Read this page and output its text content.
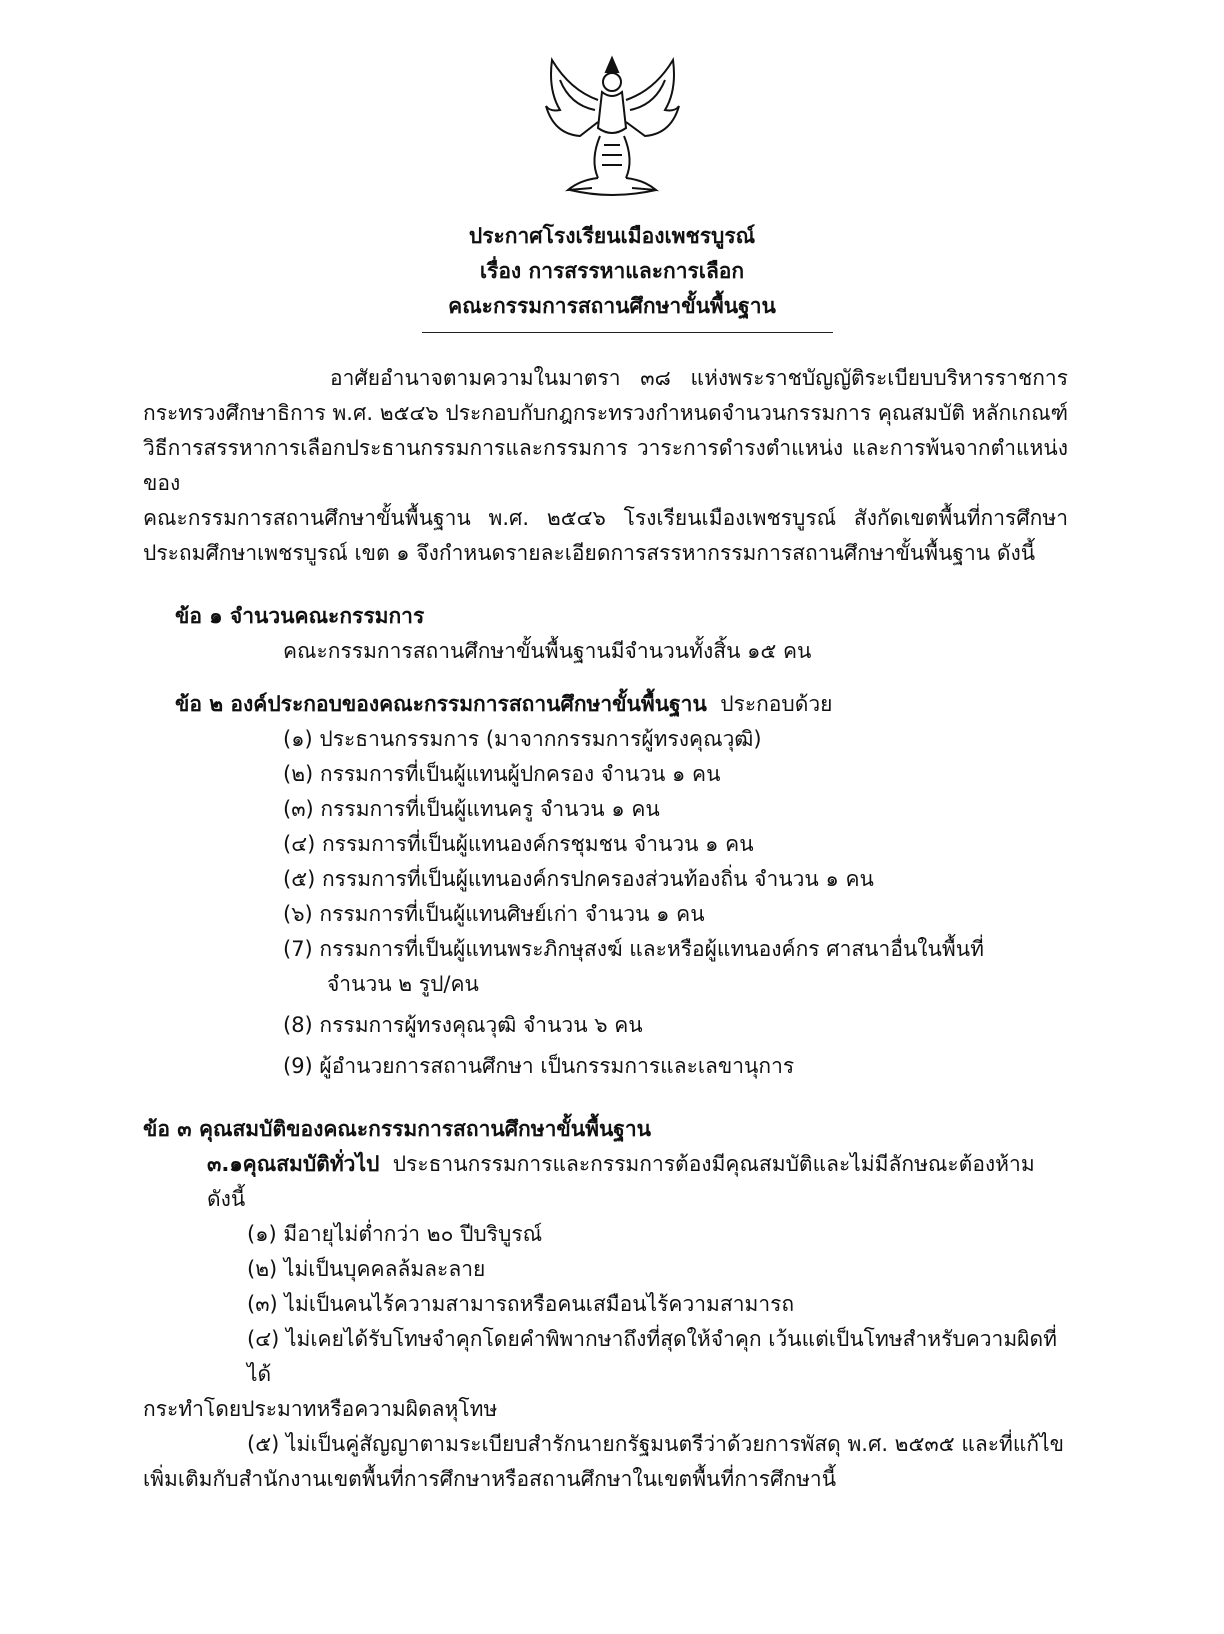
ประกาศโรงเรียนเมืองเพชรบูรณ์
เรื่อง การสรรหาและการเลือก
คณะกรรมการสถานศึกษาขั้นพื้นฐาน
อาศัยอำนาจตามความในมาตรา ๓๘ แห่งพระราชบัญญัติระเบียบบริหารราชการ
กระทรวงศึกษาธิการ พ.ศ. ๒๕๔๖ ประกอบกับกฎกระทรวงกำหนดจำนวนกรรมการ คุณสมบัติ หลักเกณฑ์
วิธีการสรรหาการเลือกประธานกรรมการและกรรมการ วาระการดำรงตำแหน่ง และการพ้นจากตำแหน่งของ
คณะกรรมการสถานศึกษาขั้นพื้นฐาน พ.ศ. ๒๕๔๖ โรงเรียนเมืองเพชรบูรณ์ สังกัดเขตพื้นที่การศึกษา
ประถมศึกษาเพชรบูรณ์ เขต ๑ จึงกำหนดรายละเอียดการสรรหากรรมการสถานศึกษาขั้นพื้นฐาน ดังนี้
ข้อ ๑ จำนวนคณะกรรมการ
คณะกรรมการสถานศึกษาขั้นพื้นฐานมีจำนวนทั้งสิ้น ๑๕ คน
ข้อ ๒ องค์ประกอบของคณะกรรมการสถานศึกษาขั้นพื้นฐาน ประกอบด้วย
(๑) ประธานกรรมการ (มาจากกรรมการผู้ทรงคุณวุฒิ)
(๒) กรรมการที่เป็นผู้แทนผู้ปกครอง จำนวน ๑ คน
(๓) กรรมการที่เป็นผู้แทนครู จำนวน ๑ คน
(๔) กรรมการที่เป็นผู้แทนองค์กรชุมชน จำนวน ๑ คน
(๕) กรรมการที่เป็นผู้แทนองค์กรปกครองส่วนท้องถิ่น จำนวน ๑ คน
(๖) กรรมการที่เป็นผู้แทนศิษย์เก่า จำนวน ๑ คน
(7) กรรมการที่เป็นผู้แทนพระภิกษุสงฆ์ และหรือผู้แทนองค์กร ศาสนาอื่นในพื้นที่
จำนวน ๒ รูป/คน
(8) กรรมการผู้ทรงคุณวุฒิ จำนวน ๖ คน
(9) ผู้อำนวยการสถานศึกษา เป็นกรรมการและเลขานุการ
ข้อ ๓ คุณสมบัติของคณะกรรมการสถานศึกษาขั้นพื้นฐาน
๓.๑คุณสมบัติทั่วไป ประธานกรรมการและกรรมการต้องมีคุณสมบัติและไม่มีลักษณะต้องห้าม ดังนี้
(๑) มีอายุไม่ต่ำกว่า ๒๐ ปีบริบูรณ์
(๒) ไม่เป็นบุคคลล้มละลาย
(๓) ไม่เป็นคนไร้ความสามารถหรือคนเสมือนไร้ความสามารถ
(๔) ไม่เคยได้รับโทษจำคุกโดยคำพิพากษาถึงที่สุดให้จำคุก เว้นแต่เป็นโทษสำหรับความผิดที่ได้
กระทำโดยประมาทหรือความผิดลหุโทษ
(๕) ไม่เป็นคู่สัญญาตามระเบียบสำรักนายกรัฐมนตรีว่าด้วยการพัสดุ พ.ศ. ๒๕๓๕ และที่แก้ไข
เพิ่มเติมกับสำนักงานเขตพื้นที่การศึกษาหรือสถานศึกษาในเขตพื้นที่การศึกษานี้
